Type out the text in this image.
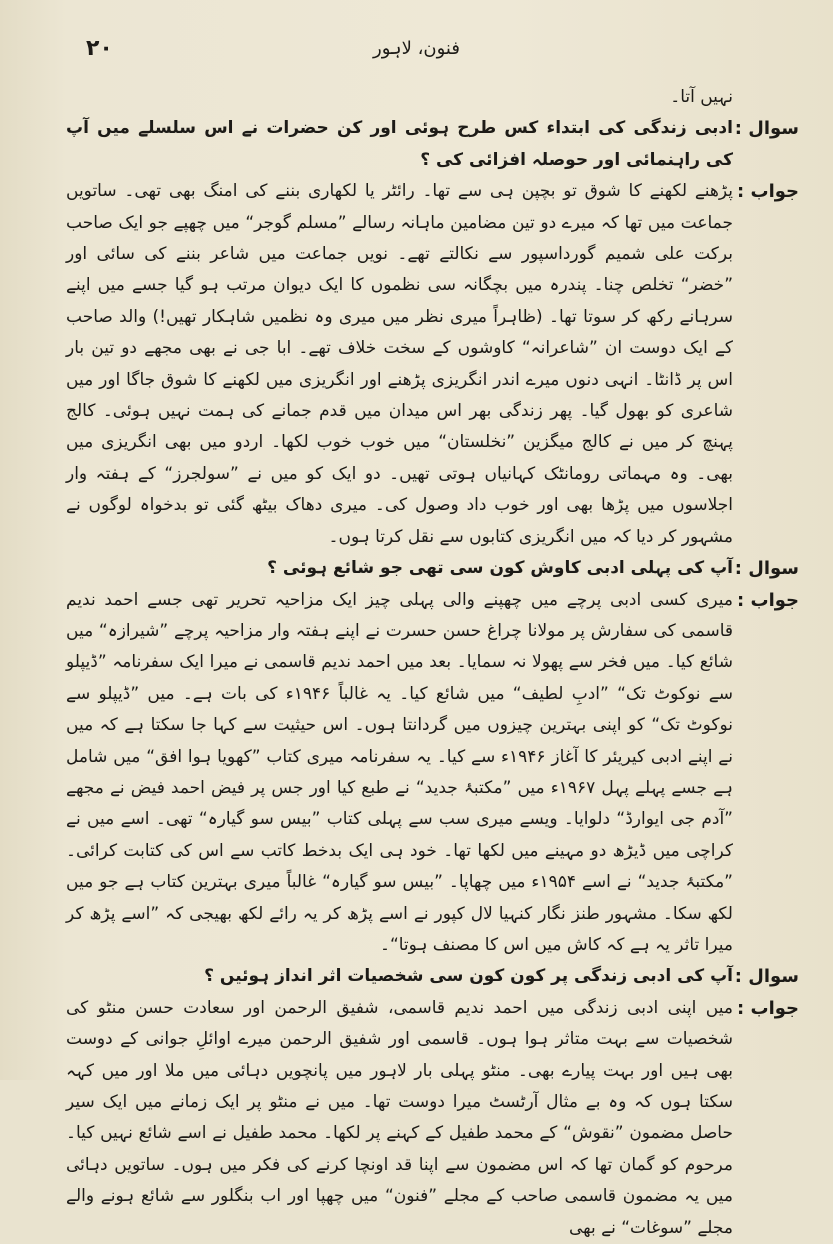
۲۰	فنون، لاہور
نہیں آتا۔
سوال :
ادبی زندگی کی ابتداء کس طرح ہوئی اور کن حضرات نے اس سلسلے میں آپ کی راہنمائی اور حوصلہ افزائی کی ؟
جواب :
پڑھنے لکھنے کا شوق تو بچپن ہی سے تھا۔ رائٹر یا لکھاری بننے کی امنگ بھی تھی۔ ساتویں جماعت میں تھا کہ میرے دو تین مضامین ماہانہ رسالے ”مسلم گوجر“ میں چھپے جو ایک صاحب برکت علی شمیم گورداسپور سے نکالتے تھے۔ نویں جماعت میں شاعر بننے کی سائی اور ”خضر“ تخلص چنا۔ پندرہ میں بچگانہ سی نظموں کا ایک دیوان مرتب ہو گیا جسے میں اپنے سرہانے رکھ کر سوتا تھا۔ (ظاہراً میری نظر میں میری وہ نظمیں شاہکار تھیں!) والد صاحب کے ایک دوست ان ”شاعرانہ“ کاوشوں کے سخت خلاف تھے۔ ابا جی نے بھی مجھے دو تین بار اس پر ڈانٹا۔ انہی دنوں میرے اندر انگریزی پڑھنے اور انگریزی میں لکھنے کا شوق جاگا اور میں شاعری کو بھول گیا۔ پھر زندگی بھر اس میدان میں قدم جمانے کی ہمت نہیں ہوئی۔ کالج پہنچ کر میں نے کالج میگزین ”نخلستان“ میں خوب خوب لکھا۔ اردو میں بھی انگریزی میں بھی۔ وہ مہماتی رومانٹک کہانیاں ہوتی تھیں۔ دو ایک کو میں نے ”سولجرز“ کے ہفتہ وار اجلاسوں میں پڑھا بھی اور خوب داد وصول کی۔ میری دھاک بیٹھ گئی تو بدخواہ لوگوں نے مشہور کر دیا کہ میں انگریزی کتابوں سے نقل کرتا ہوں۔
سوال :
آپ کی پہلی ادبی کاوش کون سی تھی جو شائع ہوئی ؟
جواب :
میری کسی ادبی پرچے میں چھپنے والی پہلی چیز ایک مزاحیہ تحریر تھی جسے احمد ندیم قاسمی کی سفارش پر مولانا چراغ حسن حسرت نے اپنے ہفتہ وار مزاحیہ پرچے ”شیرازہ“ میں شائع کیا۔ میں فخر سے پھولا نہ سمایا۔ بعد میں احمد ندیم قاسمی نے میرا ایک سفرنامہ ”ڈیپلو سے نوکوٹ تک“ ”ادبِ لطیف“ میں شائع کیا۔ یہ غالباً ۱۹۴۶ء کی بات ہے۔ میں ”ڈیپلو سے نوکوٹ تک“ کو اپنی بہترین چیزوں میں گردانتا ہوں۔ اس حیثیت سے کہا جا سکتا ہے کہ میں نے اپنے ادبی کیریئر کا آغاز ۱۹۴۶ء سے کیا۔ یہ سفرنامہ میری کتاب ”کھویا ہوا افق“ میں شامل ہے جسے پہلے پہل ۱۹۶۷ء میں ”مکتبۂ جدید“ نے طبع کیا اور جس پر فیض احمد فیض نے مجھے ”آدم جی ایوارڈ“ دلوایا۔ ویسے میری سب سے پہلی کتاب ”بیس سو گیارہ“ تھی۔ اسے میں نے کراچی میں ڈیڑھ دو مہینے میں لکھا تھا۔ خود ہی ایک بدخط کاتب سے اس کی کتابت کرائی۔ ”مکتبۂ جدید“ نے اسے ۱۹۵۴ء میں چھاپا۔ ”بیس سو گیارہ“ غالباً میری بہترین کتاب ہے جو میں لکھ سکا۔ مشہور طنز نگار کنہیا لال کپور نے اسے پڑھ کر یہ رائے لکھ بھیجی کہ ”اسے پڑھ کر میرا تاثر یہ ہے کہ کاش میں اس کا مصنف ہوتا“۔
سوال :
آپ کی ادبی زندگی پر کون کون سی شخصیات اثر انداز ہوئیں ؟
جواب :
میں اپنی ادبی زندگی میں احمد ندیم قاسمی، شفیق الرحمن اور سعادت حسن منٹو کی شخصیات سے بہت متاثر ہوا ہوں۔ قاسمی اور شفیق الرحمن میرے اوائلِ جوانی کے دوست بھی ہیں اور بہت پیارے بھی۔ منٹو پہلی بار لاہور میں پانچویں دہائی میں ملا اور میں کہہ سکتا ہوں کہ وہ بے مثال آرٹسٹ میرا دوست تھا۔ میں نے منٹو پر ایک زمانے میں ایک سیر حاصل مضمون ”نقوش“ کے محمد طفیل کے کہنے پر لکھا۔ محمد طفیل نے اسے شائع نہیں کیا۔ مرحوم کو گمان تھا کہ اس مضمون سے اپنا قد اونچا کرنے کی فکر میں ہوں۔ ساتویں دہائی میں یہ مضمون قاسمی صاحب کے مجلے ”فنون“ میں چھپا اور اب بنگلور سے شائع ہونے والے مجلے ”سوغات“ نے بھی
